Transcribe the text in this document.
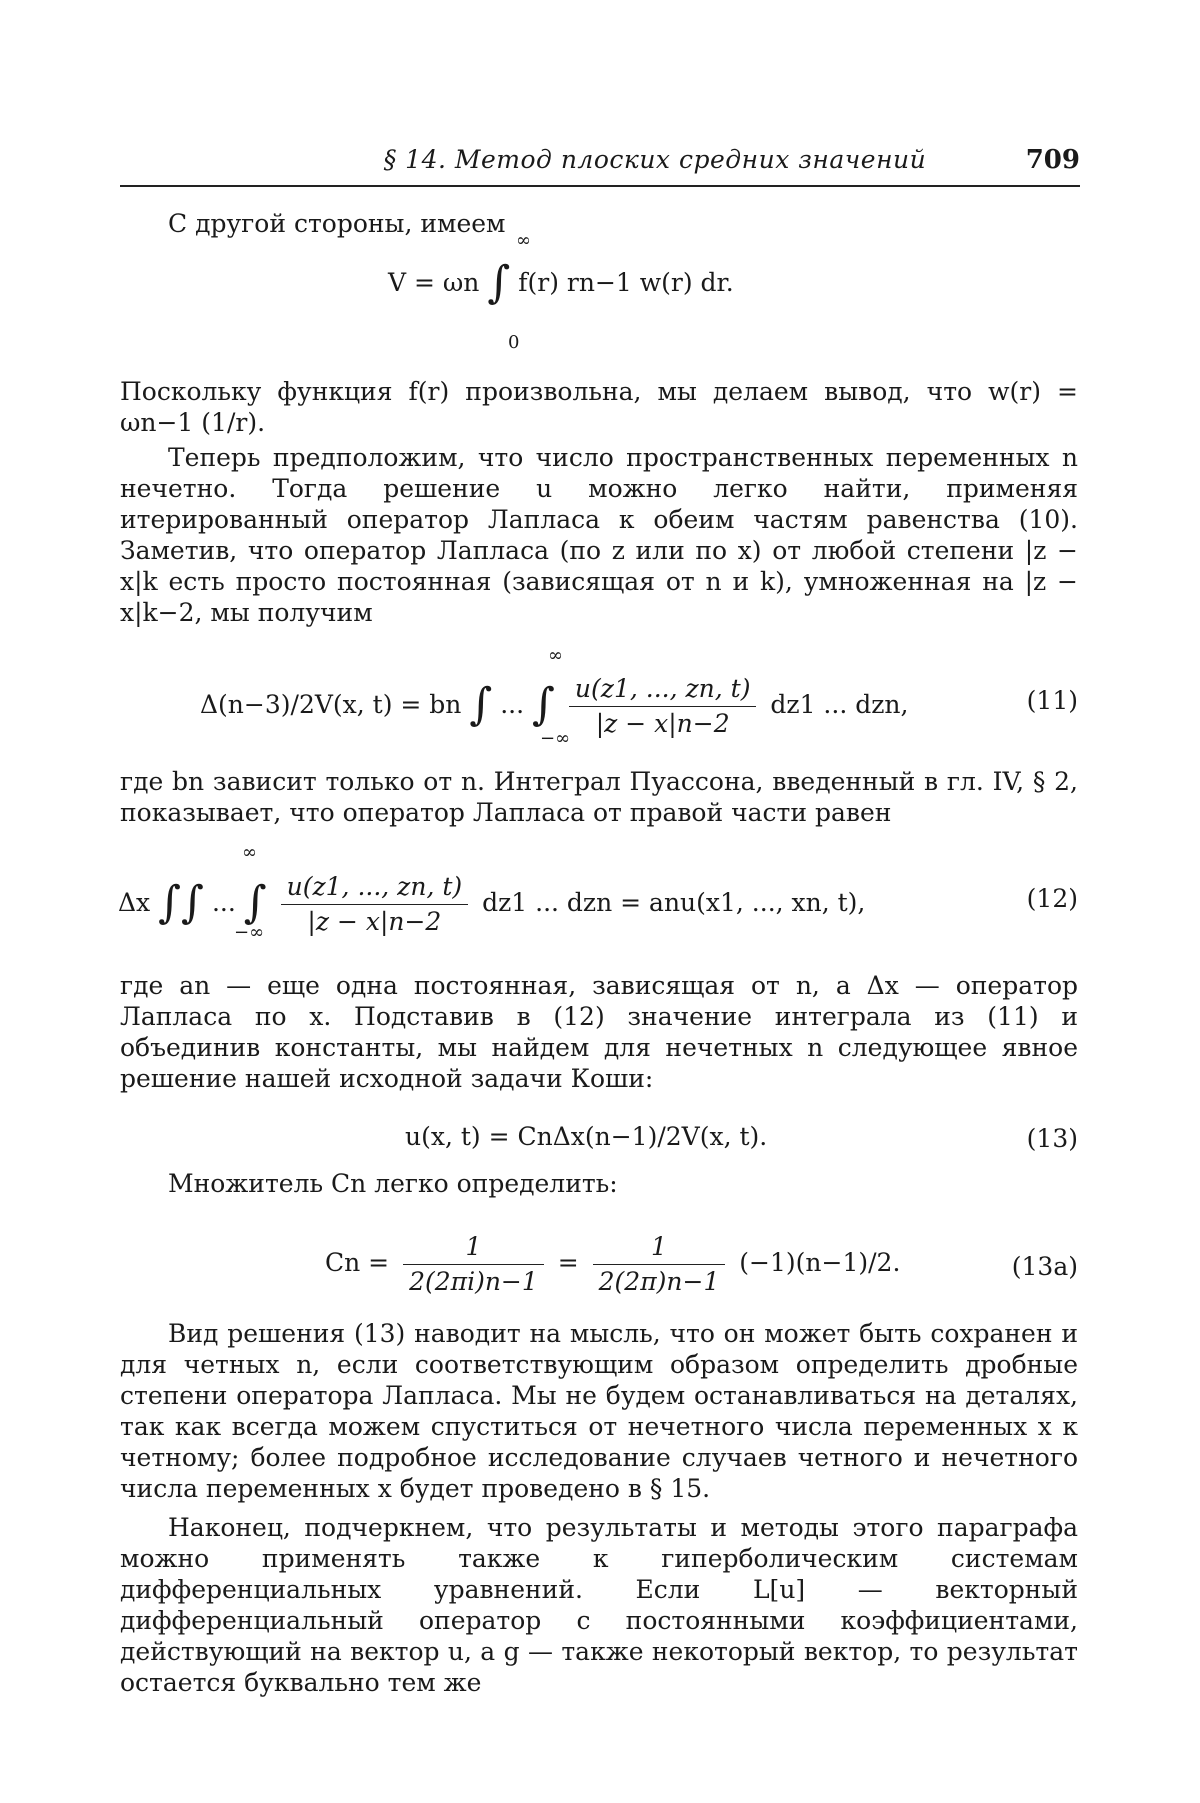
§ 14. Метод плоских средних значений	709
С другой стороны, имеем
V = ωn ∫ f(r) rn−1 w(r) dr.
∞
0
Поскольку функция f(r) произвольна, мы делаем вывод, что w(r) = ωn−1 (1/r).
Теперь предположим, что число пространственных переменных n нечетно. Тогда решение u можно легко найти, применяя итерированный оператор Лапласа к обеим частям равенства (10). Заметив, что оператор Лапласа (по z или по x) от любой степени |z − x|k есть просто постоянная (зависящая от n и k), умноженная на |z − x|k−2, мы получим
Δ(n−3)/2V(x, t) = bn ∫ ... ∫ $\frac{u(z1, ..., zn, t)}{|z - x|n-2} dz1$ ... dzn,
∞
−∞
(11)
где bn зависит только от n. Интеграл Пуассона, введенный в гл. IV, § 2, показывает, что оператор Лапласа от правой части равен
Δx ∫∫ ... ∫ $\frac{u(z1, ..., zn, t)}{|z - x|n-2} dz1$ ... dzn = anu(x1, ..., xn, t),
∞
−∞
(12)
где an — еще одна постоянная, зависящая от n, а Δx — оператор Лапласа по x. Подставив в (12) значение интеграла из (11) и объединив константы, мы найдем для нечетных n следующее явное решение нашей исходной задачи Коши:
u(x, t) = CnΔx(n−1)/2V(x, t).	(13)
Множитель Cn легко определить:
$Cn = \frac{1}{2(2\pi i)n-1} = \frac{1}{2(2\pi)n-1} (-1)(n-1)/2$.	(13a)
Вид решения (13) наводит на мысль, что он может быть сохранен и для четных n, если соответствующим образом определить дробные степени оператора Лапласа. Мы не будем останавливаться на деталях, так как всегда можем спуститься от нечетного числа переменных x к четному; более подробное исследование случаев четного и нечетного числа переменных x будет проведено в § 15.
Наконец, подчеркнем, что результаты и методы этого параграфа можно применять также к гиперболическим системам дифференциальных уравнений. Если L[u] — векторный дифференциальный оператор с постоянными коэффициентами, действующий на вектор u, а g — также некоторый вектор, то результат остается буквально тем же
